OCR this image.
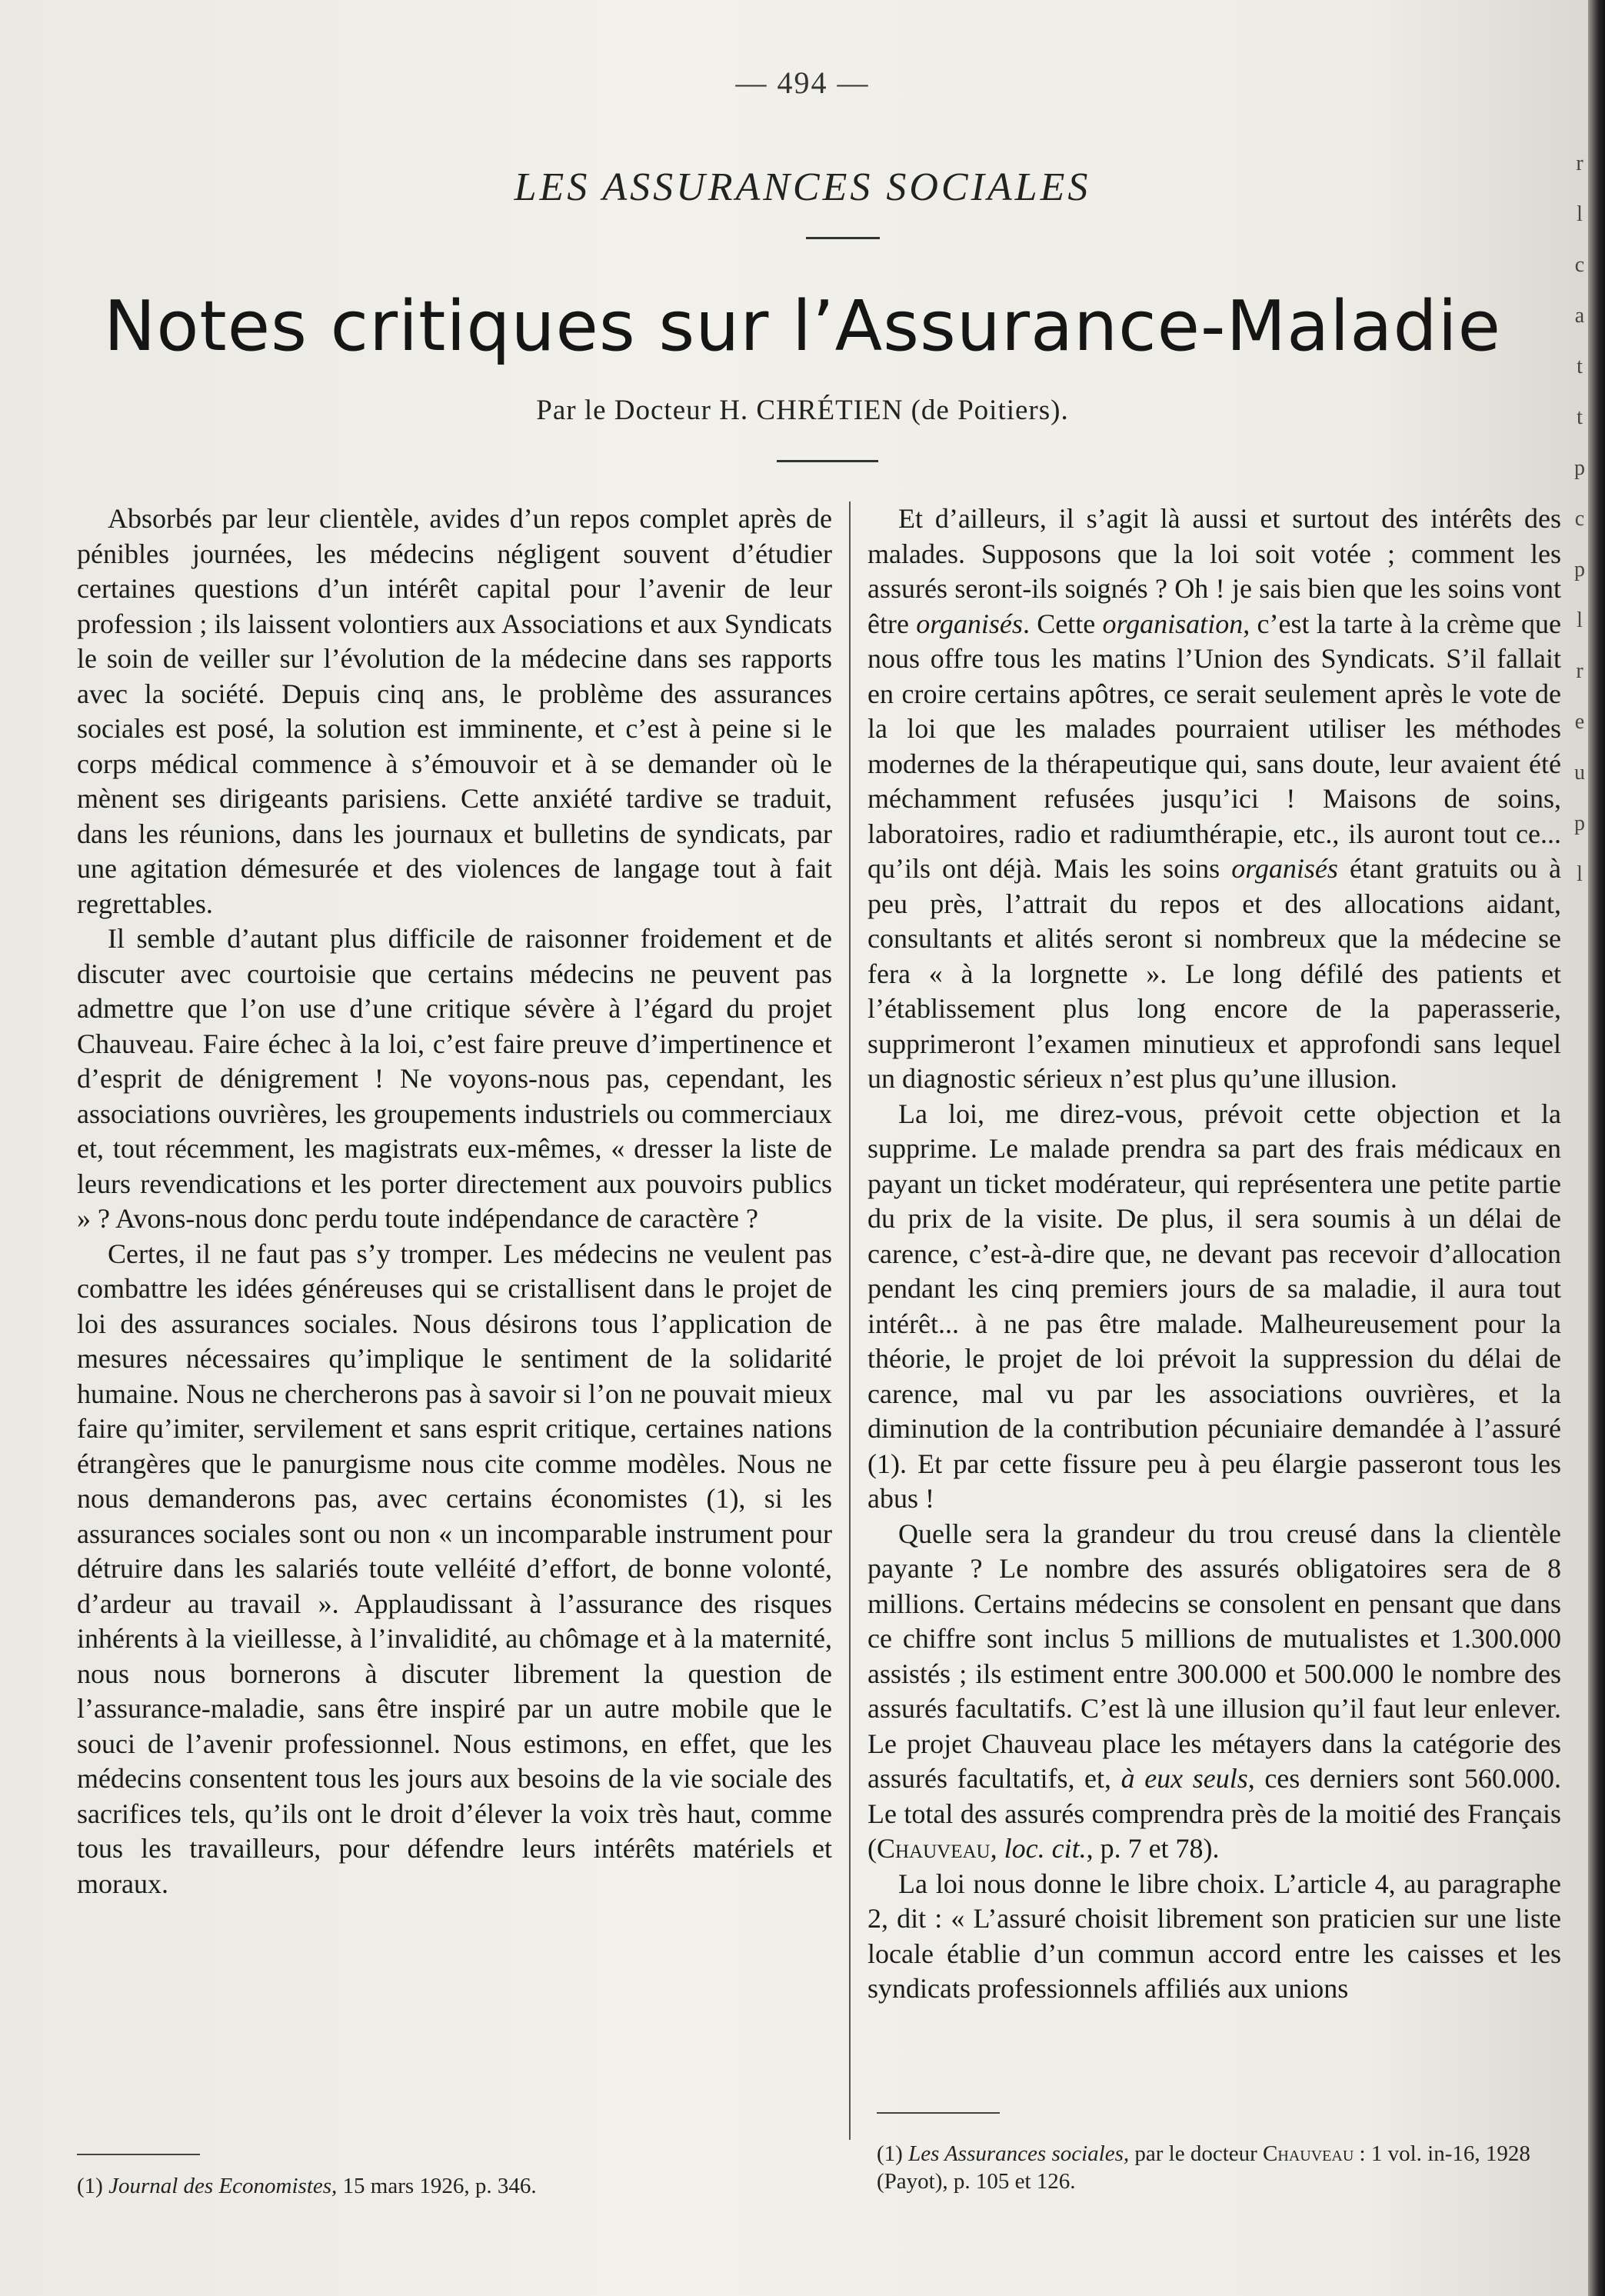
— 494 —
LES ASSURANCES SOCIALES
Notes critiques sur l’Assurance-Maladie
Par le Docteur H. CHRÉTIEN (de Poitiers).

Absorbés par leur clientèle, avides d’un repos complet après de pénibles journées, les médecins négligent souvent d’étudier certaines questions d’un intérêt capital pour l’avenir de leur profession ; ils laissent volontiers aux Associations et aux Syndicats le soin de veiller sur l’évolution de la médecine dans ses rapports avec la société. Depuis cinq ans, le problème des assurances sociales est posé, la solution est imminente, et c’est à peine si le corps médical commence à s’émouvoir et à se demander où le mènent ses dirigeants parisiens. Cette anxiété tardive se traduit, dans les réunions, dans les journaux et bulletins de syndicats, par une agitation démesurée et des violences de langage tout à fait regrettables.

Il semble d’autant plus difficile de raisonner froidement et de discuter avec courtoisie que certains médecins ne peuvent pas admettre que l’on use d’une critique sévère à l’égard du projet Chauveau. Faire échec à la loi, c’est faire preuve d’impertinence et d’esprit de dénigrement ! Ne voyons-nous pas, cependant, les associations ouvrières, les groupements industriels ou commerciaux et, tout récemment, les magistrats eux-mêmes, « dresser la liste de leurs revendications et les porter directement aux pouvoirs publics » ? Avons-nous donc perdu toute indépendance de caractère ?

Certes, il ne faut pas s’y tromper. Les médecins ne veulent pas combattre les idées généreuses qui se cristallisent dans le projet de loi des assurances sociales. Nous désirons tous l’application de mesures nécessaires qu’implique le sentiment de la solidarité humaine. Nous ne chercherons pas à savoir si l’on ne pouvait mieux faire qu’imiter, servilement et sans esprit critique, certaines nations étrangères que le panurgisme nous cite comme modèles. Nous ne nous demanderons pas, avec certains économistes (1), si les assurances sociales sont ou non « un incomparable instrument pour détruire dans les salariés toute velléité d’effort, de bonne volonté, d’ardeur au travail ». Applaudissant à l’assurance des risques inhérents à la vieillesse, à l’invalidité, au chômage et à la maternité, nous nous bornerons à discuter librement la question de l’assurance-maladie, sans être inspiré par un autre mobile que le souci de l’avenir professionnel. Nous estimons, en effet, que les médecins consentent tous les jours aux besoins de la vie sociale des sacrifices tels, qu’ils ont le droit d’élever la voix très haut, comme tous les travailleurs, pour défendre leurs intérêts matériels et moraux.

Et d’ailleurs, il s’agit là aussi et surtout des intérêts des malades. Supposons que la loi soit votée ; comment les assurés seront-ils soignés ? Oh ! je sais bien que les soins vont être organisés. Cette organisation, c’est la tarte à la crème que nous offre tous les matins l’Union des Syndicats. S’il fallait en croire certains apôtres, ce serait seulement après le vote de la loi que les malades pourraient utiliser les méthodes modernes de la thérapeutique qui, sans doute, leur avaient été méchamment refusées jusqu’ici ! Maisons de soins, laboratoires, radio et radiumthérapie, etc., ils auront tout ce... qu’ils ont déjà. Mais les soins organisés étant gratuits ou à peu près, l’attrait du repos et des allocations aidant, consultants et alités seront si nombreux que la médecine se fera « à la lorgnette ». Le long défilé des patients et l’établissement plus long encore de la paperasserie, supprimeront l’examen minutieux et approfondi sans lequel un diagnostic sérieux n’est plus qu’une illusion.

La loi, me direz-vous, prévoit cette objection et la supprime. Le malade prendra sa part des frais médicaux en payant un ticket modérateur, qui représentera une petite partie du prix de la visite. De plus, il sera soumis à un délai de carence, c’est-à-dire que, ne devant pas recevoir d’allocation pendant les cinq premiers jours de sa maladie, il aura tout intérêt... à ne pas être malade. Malheureusement pour la théorie, le projet de loi prévoit la suppression du délai de carence, mal vu par les associations ouvrières, et la diminution de la contribution pécuniaire demandée à l’assuré (1). Et par cette fissure peu à peu élargie passeront tous les abus !

Quelle sera la grandeur du trou creusé dans la clientèle payante ? Le nombre des assurés obligatoires sera de 8 millions. Certains médecins se consolent en pensant que dans ce chiffre sont inclus 5 millions de mutualistes et 1.300.000 assistés ; ils estiment entre 300.000 et 500.000 le nombre des assurés facultatifs. C’est là une illusion qu’il faut leur enlever. Le projet Chauveau place les métayers dans la catégorie des assurés facultatifs, et, à eux seuls, ces derniers sont 560.000. Le total des assurés comprendra près de la moitié des Français (Chauveau, loc. cit., p. 7 et 78).

La loi nous donne le libre choix. L’article 4, au paragraphe 2, dit : « L’assuré choisit librement son praticien sur une liste locale établie d’un commun accord entre les caisses et les syndicats professionnels affiliés aux unions

(1) Journal des Economistes, 15 mars 1926, p. 346.
(1) Les Assurances sociales, par le docteur Chauveau : 1 vol. in-16, 1928 (Payot), p. 105 et 126.
r
l
c
a
t
t
p
c
p
l
r
e
u
p
l
